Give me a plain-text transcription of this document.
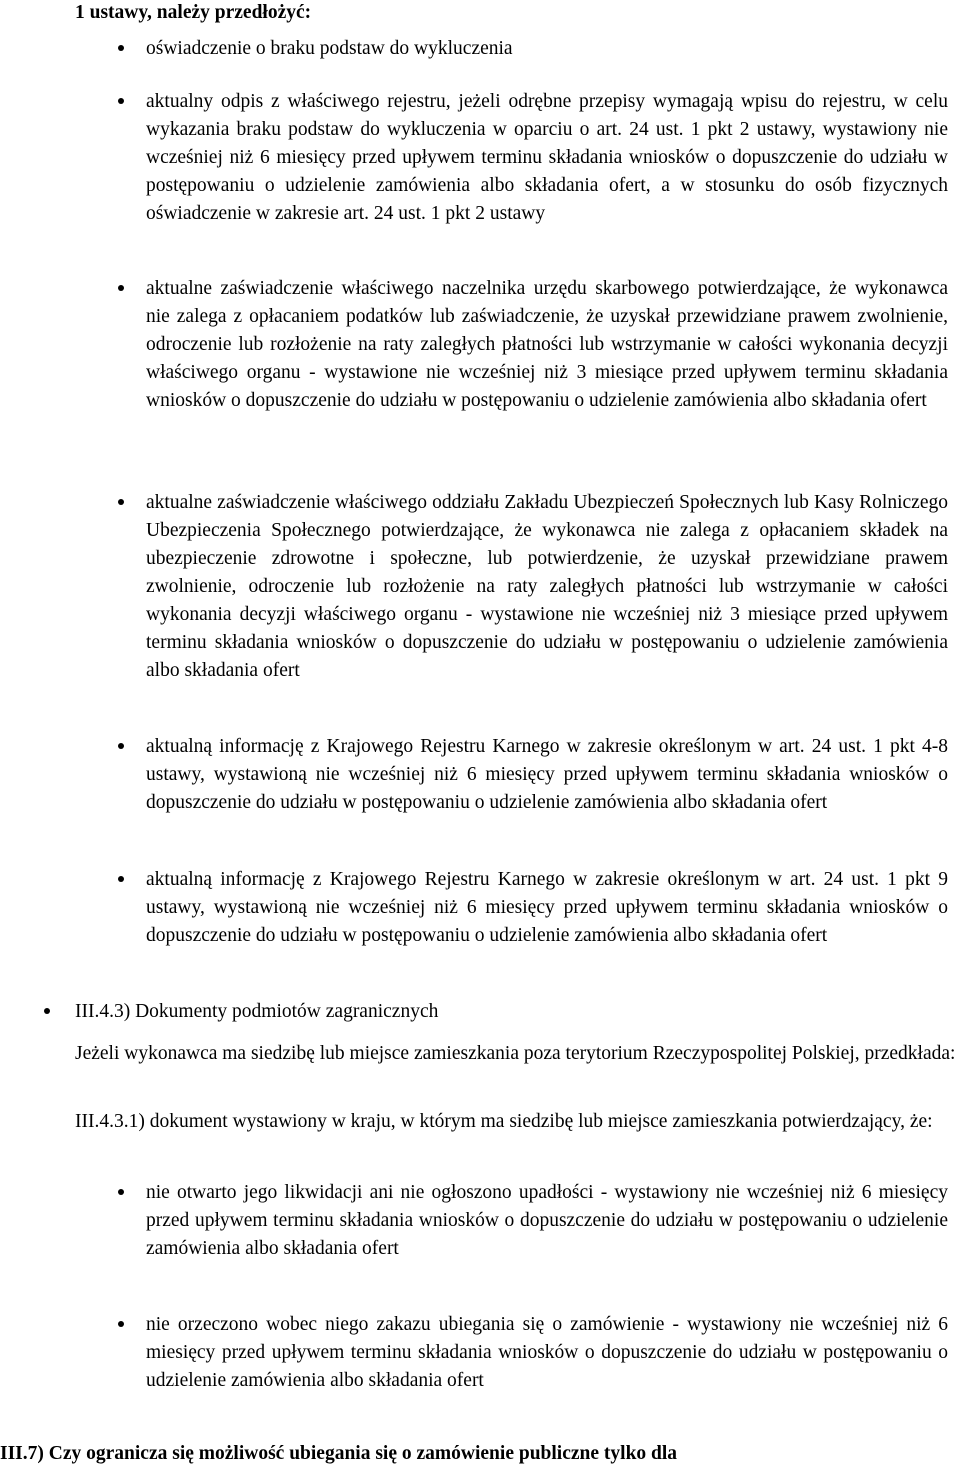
1 ustawy, należy przedłożyć:

oświadczenie o braku podstaw do wykluczenia

aktualny odpis z właściwego rejestru, jeżeli odrębne przepisy wymagają wpisu do rejestru, w celu wykazania braku podstaw do wykluczenia w oparciu o art. 24 ust. 1 pkt 2 ustawy, wystawiony nie wcześniej niż 6 miesięcy przed upływem terminu składania wniosków o dopuszczenie do udziału w postępowaniu o udzielenie zamówienia albo składania ofert, a w stosunku do osób fizycznych oświadczenie w zakresie art. 24 ust. 1 pkt 2 ustawy

aktualne zaświadczenie właściwego naczelnika urzędu skarbowego potwierdzające, że wykonawca nie zalega z opłacaniem podatków lub zaświadczenie, że uzyskał przewidziane prawem zwolnienie, odroczenie lub rozłożenie na raty zaległych płatności lub wstrzymanie w całości wykonania decyzji właściwego organu - wystawione nie wcześniej niż 3 miesiące przed upływem terminu składania wniosków o dopuszczenie do udziału w postępowaniu o udzielenie zamówienia albo składania ofert

aktualne zaświadczenie właściwego oddziału Zakładu Ubezpieczeń Społecznych lub Kasy Rolniczego Ubezpieczenia Społecznego potwierdzające, że wykonawca nie zalega z opłacaniem składek na ubezpieczenie zdrowotne i społeczne, lub potwierdzenie, że uzyskał przewidziane prawem zwolnienie, odroczenie lub rozłożenie na raty zaległych płatności lub wstrzymanie w całości wykonania decyzji właściwego organu - wystawione nie wcześniej niż 3 miesiące przed upływem terminu składania wniosków o dopuszczenie do udziału w postępowaniu o udzielenie zamówienia albo składania ofert

aktualną informację z Krajowego Rejestru Karnego w zakresie określonym w art. 24 ust. 1 pkt 4-8 ustawy, wystawioną nie wcześniej niż 6 miesięcy przed upływem terminu składania wniosków o dopuszczenie do udziału w postępowaniu o udzielenie zamówienia albo składania ofert

aktualną informację z Krajowego Rejestru Karnego w zakresie określonym w art. 24 ust. 1 pkt 9 ustawy, wystawioną nie wcześniej niż 6 miesięcy przed upływem terminu składania wniosków o dopuszczenie do udziału w postępowaniu o udzielenie zamówienia albo składania ofert

III.4.3) Dokumenty podmiotów zagranicznych

Jeżeli wykonawca ma siedzibę lub miejsce zamieszkania poza terytorium Rzeczypospolitej Polskiej, przedkłada:

III.4.3.1) dokument wystawiony w kraju, w którym ma siedzibę lub miejsce zamieszkania potwierdzający, że:

nie otwarto jego likwidacji ani nie ogłoszono upadłości - wystawiony nie wcześniej niż 6 miesięcy przed upływem terminu składania wniosków o dopuszczenie do udziału w postępowaniu o udzielenie zamówienia albo składania ofert

nie orzeczono wobec niego zakazu ubiegania się o zamówienie - wystawiony nie wcześniej niż 6 miesięcy przed upływem terminu składania wniosków o dopuszczenie do udziału w postępowaniu o udzielenie zamówienia albo składania ofert

III.7) Czy ogranicza się możliwość ubiegania się o zamówienie publiczne tylko dla
